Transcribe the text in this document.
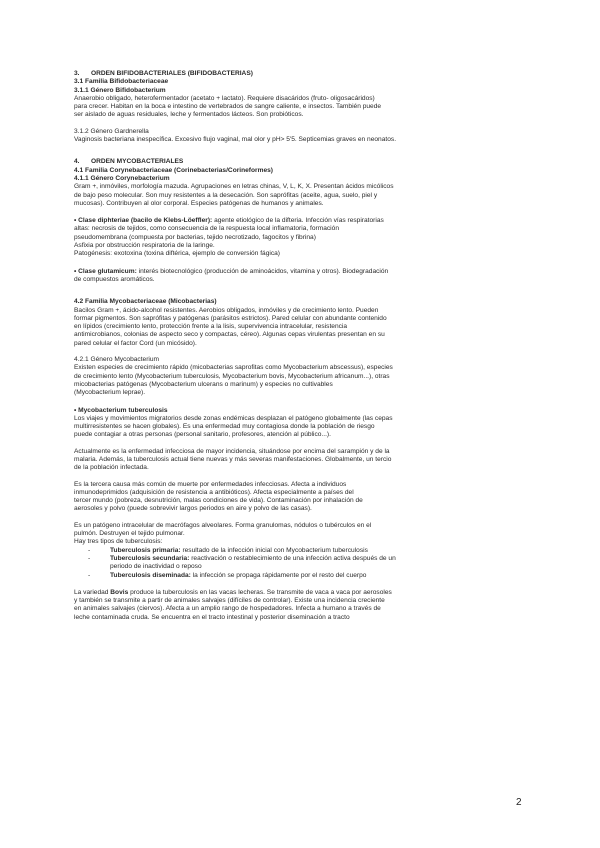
3. ORDEN BIFIDOBACTERIALES (BIFIDOBACTERIAS)

3.1 Familia Bifidobacteriaceae

3.1.1 Género Bifidobacterium

Anaerobio obligado, heterofermentador (acetato + lactato). Requiere disacáridos (fruto- oligosacáridos)

para crecer. Habitan en la boca e intestino de vertebrados de sangre caliente, e insectos. También puede

ser aislado de aguas residuales, leche y fermentados lácteos. Son probióticos.

3.1.2 Género Gardnerella

Vaginosis bacteriana inespecífica. Excesivo flujo vaginal, mal olor y pH> 5'5. Septicemias graves en neonatos.

4. ORDEN MYCOBACTERIALES

4.1 Familia Corynebacteriaceae (Corinebacterias/Corineformes)

4.1.1 Género Corynebacterium

Gram +, inmóviles, morfología mazuda. Agrupaciones en letras chinas, V, L, K, X. Presentan ácidos micólicos

de bajo peso molecular. Son muy resistentes a la desecación. Son saprófitas (aceite, agua, suelo, piel y

mucosas). Contribuyen al olor corporal. Especies patógenas de humanos y animales.

• Clase diphteriae (bacilo de Klebs-Löeffler): agente etiológico de la difteria. Infección vías respiratorias

altas: necrosis de tejidos, como consecuencia de la respuesta local inflamatoria, formación

pseudomembrana (compuesta por bacterias, tejido necrotizado, fagocitos y fibrina)

Asfixia por obstrucción respiratoria de la laringe.

Patogénesis: exotoxina (toxina diftérica, ejemplo de conversión fágica)

• Clase glutamicum: interés biotecnológico (producción de aminoácidos, vitamina y otros). Biodegradación

de compuestos aromáticos.

4.2 Familia Mycobacteriaceae (Micobacterias)

Bacilos Gram +, ácido-alcohol resistentes. Aerobios obligados, inmóviles y de crecimiento lento. Pueden

formar pigmentos. Son saprófitas y patógenas (parásitos estrictos). Pared celular con abundante contenido

en lípidos (crecimiento lento, protección frente a la lisis, supervivencia intracelular, resistencia

antimicrobianos, colonias de aspecto seco y compactas, céreo). Algunas cepas virulentas presentan en su

pared celular el factor Cord (un micósido).

4.2.1 Género Mycobacterium

Existen especies de crecimiento rápido (micobacterias saprofitas como Mycobacterium abscessus), especies

de crecimiento lento (Mycobacterium tuberculosis, Mycobacterium bovis, Mycobacterium africanum...), otras

micobacterias patógenas (Mycobacterium ulcerans o marinum) y especies no cultivables

(Mycobacterium leprae).

• Mycobacterium tuberculosis

Los viajes y movimientos migratorios desde zonas endémicas desplazan el patógeno globalmente (las cepas

multirresistentes se hacen globales). Es una enfermedad muy contagiosa donde la población de riesgo

puede contagiar a otras personas (personal sanitario, profesores, atención al público...).

Actualmente es la enfermedad infecciosa de mayor incidencia, situándose por encima del sarampión y de la

malaria. Además, la tuberculosis actual tiene nuevas y más severas manifestaciones. Globalmente, un tercio

de la población infectada.

Es la tercera causa más común de muerte por enfermedades infecciosas. Afecta a individuos

inmunodeprimidos (adquisición de resistencia a antibióticos). Afecta especialmente a países del

tercer mundo (pobreza, desnutrición, malas condiciones de vida). Contaminación por inhalación de

aerosoles y polvo (puede sobrevivir largos periodos en aire y polvo de las casas).

Es un patógeno intracelular de macrófagos alveolares. Forma granulomas, nódulos o tubérculos en el

pulmón. Destruyen el tejido pulmonar.

Hay tres tipos de tuberculosis:

- Tuberculosis primaria: resultado de la infección inicial con Mycobacterium tuberculosis
- Tuberculosis secundaria: reactivación o restablecimiento de una infección activa después de un
periodo de inactividad o reposo
- Tuberculosis diseminada: la infección se propaga rápidamente por el resto del cuerpo

La variedad Bovis produce la tuberculosis en las vacas lecheras. Se transmite de vaca a vaca por aerosoles

y también se transmite a partir de animales salvajes (difíciles de controlar). Existe una incidencia creciente

en animales salvajes (ciervos). Afecta a un amplio rango de hospedadores. Infecta a humano a través de

leche contaminada cruda. Se encuentra en el tracto intestinal y posterior diseminación a tracto

2
